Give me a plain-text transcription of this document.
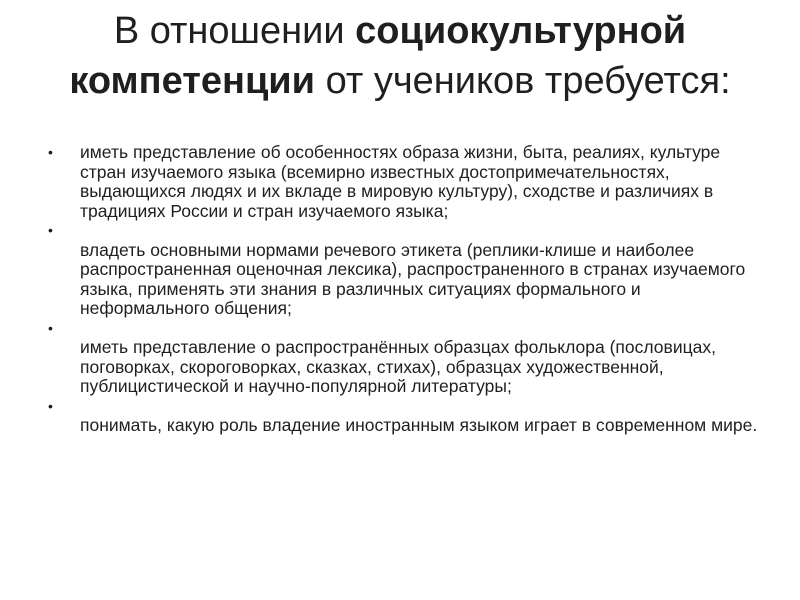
В отношении социокультурной компетенции от учеников требуется:
• иметь представление об особенностях образа жизни, быта, реалиях, культуре стран изучаемого языка (всемирно известных достопримечательностях, выдающихся людях и их вкладе в мировую культуру), сходстве и различиях в традициях России и стран изучаемого языка;
•
владеть основными нормами речевого этикета (реплики-клише и наиболее распространенная оценочная лексика), распространенного в странах изучаемого языка, применять эти знания в различных ситуациях формального и неформального общения;
•
иметь представление о распространённых образцах фольклора (пословицах, поговорках, скороговорках, сказках, стихах), образцах художественной, публицистической и научно-популярной литературы;
•
понимать, какую роль владение иностранным языком играет в современном мире.
